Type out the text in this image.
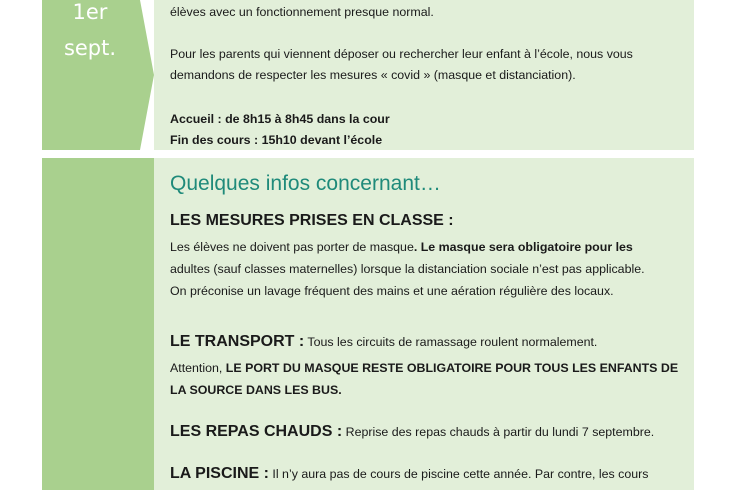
1er
sept.

élèves avec un fonctionnement presque normal.

Pour les parents qui viennent déposer ou rechercher leur enfant à l’école, nous vous

demandons de respecter les mesures « covid » (masque et distanciation).

Accueil : de 8h15 à 8h45 dans la cour

Fin des cours : 15h10 devant l’école

Quelques infos concernant…

LES MESURES PRISES EN CLASSE :

Les élèves ne doivent pas porter de masque. Le masque sera obligatoire pour les

adultes (sauf classes maternelles) lorsque la distanciation sociale n’est pas applicable.

On préconise un lavage fréquent des mains et une aération régulière des locaux.

LE TRANSPORT : Tous les circuits de ramassage roulent normalement.

Attention, LE PORT DU MASQUE RESTE OBLIGATOIRE POUR TOUS LES ENFANTS DE

LA SOURCE DANS LES BUS.

LES REPAS CHAUDS : Reprise des repas chauds à partir du lundi 7 septembre.

LA PISCINE : Il n’y aura pas de cours de piscine cette année. Par contre, les cours
